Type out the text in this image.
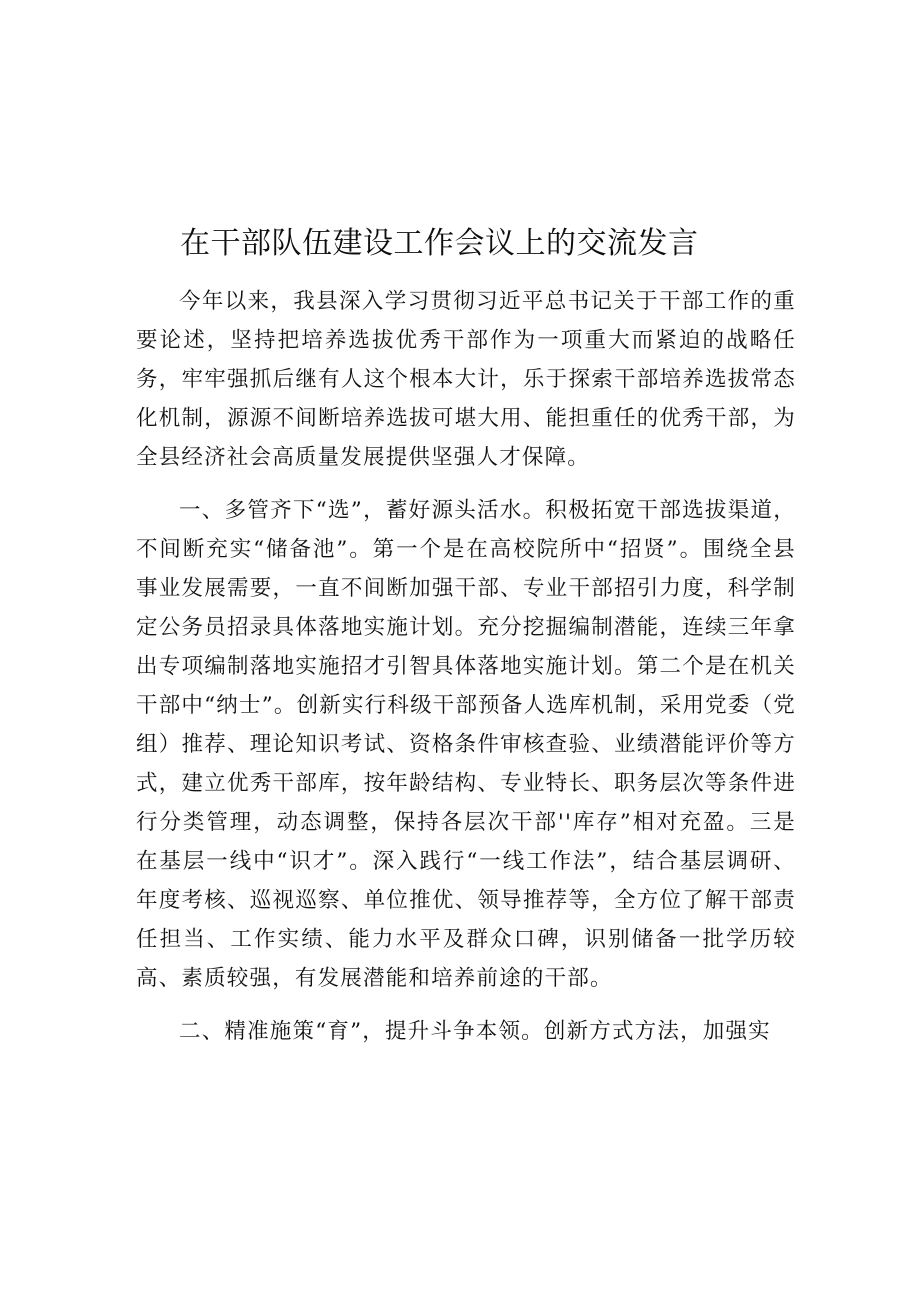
在干部队伍建设工作会议上的交流发言

今年以来，我县深入学习贯彻习近平总书记关于干部工作的重要论述，坚持把培养选拔优秀干部作为一项重大而紧迫的战略任务，牢牢强抓后继有人这个根本大计，乐于探索干部培养选拔常态化机制，源源不间断培养选拔可堪大用、能担重任的优秀干部，为全县经济社会高质量发展提供坚强人才保障。

一、多管齐下“选”，蓄好源头活水。积极拓宽干部选拔渠道，不间断充实“储备池”。第一个是在高校院所中“招贤”。围绕全县事业发展需要，一直不间断加强干部、专业干部招引力度，科学制定公务员招录具体落地实施计划。充分挖掘编制潜能，连续三年拿出专项编制落地实施招才引智具体落地实施计划。第二个是在机关干部中“纳士”。创新实行科级干部预备人选库机制，采用党委（党组）推荐、理论知识考试、资格条件审核查验、业绩潜能评价等方式，建立优秀干部库，按年龄结构、专业特长、职务层次等条件进行分类管理，动态调整，保持各层次干部''库存”相对充盈。三是在基层一线中“识才”。深入践行“一线工作法”，结合基层调研、年度考核、巡视巡察、单位推优、领导推荐等，全方位了解干部责任担当、工作实绩、能力水平及群众口碑，识别储备一批学历较高、素质较强，有发展潜能和培养前途的干部。

二、精准施策“育”，提升斗争本领。创新方式方法，加强实
